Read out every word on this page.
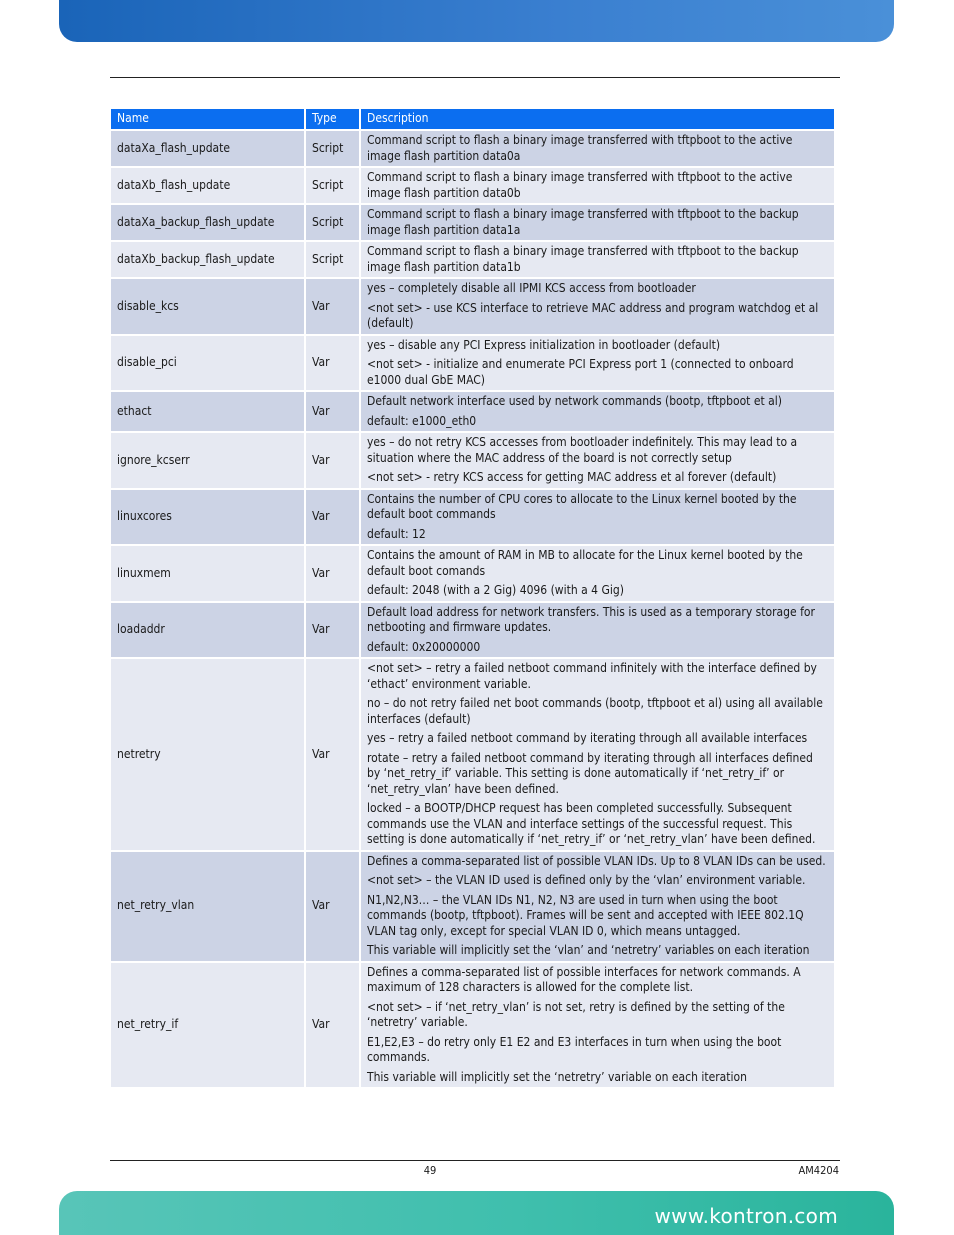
Name	Type	Description
dataXa_flash_update	Script	Command script to flash a binary image transferred with tftpboot to the active image flash partition data0a

dataXb_flash_update	Script	Command script to flash a binary image transferred with tftpboot to the active image flash partition data0b

dataXa_backup_flash_update	Script	Command script to flash a binary image transferred with tftpboot to the backup image flash partition data1a

dataXb_backup_flash_update	Script	Command script to flash a binary image transferred with tftpboot to the backup image flash partition data1b

disable_kcs	Var	yes – completely disable all IPMI KCS access from bootloader

<not set> - use KCS interface to retrieve MAC address and program watchdog et al (default)

disable_pci	Var	yes – disable any PCI Express initialization in bootloader (default)

<not set> - initialize and enumerate PCI Express port 1 (connected to onboard e1000 dual GbE MAC)

ethact	Var	Default network interface used by network commands (bootp, tftpboot et al)

default: e1000_eth0

ignore_kcserr	Var	yes – do not retry KCS accesses from bootloader indefinitely. This may lead to a situation where the MAC address of the board is not correctly setup

<not set> - retry KCS access for getting MAC address et al forever (default)

linuxcores	Var	Contains the number of CPU cores to allocate to the Linux kernel booted by the default boot commands

default: 12

linuxmem	Var	Contains the amount of RAM in MB to allocate for the Linux kernel booted by the default boot comands

default: 2048 (with a 2 Gig) 4096 (with a 4 Gig)

loadaddr	Var	Default load address for network transfers. This is used as a temporary storage for netbooting and firmware updates.

default: 0x20000000

netretry	Var	<not set> – retry a failed netboot command infinitely with the interface defined by ‘ethact’ environment variable.

no – do not retry failed net boot commands (bootp, tftpboot et al) using all available interfaces (default)

yes – retry a failed netboot command by iterating through all available interfaces

rotate – retry a failed netboot command by iterating through all interfaces defined by ‘net_retry_if’ variable. This setting is done automatically if ‘net_retry_if’ or ‘net_retry_vlan’ have been defined.

locked – a BOOTP/DHCP request has been completed successfully. Subsequent commands use the VLAN and interface settings of the successful request. This setting is done automatically if ‘net_retry_if’ or ‘net_retry_vlan’ have been defined.

net_retry_vlan	Var	Defines a comma-separated list of possible VLAN IDs. Up to 8 VLAN IDs can be used.

<not set> – the VLAN ID used is defined only by the ‘vlan’ environment variable.

N1,N2,N3… – the VLAN IDs N1, N2, N3 are used in turn when using the boot commands (bootp, tftpboot). Frames will be sent and accepted with IEEE 802.1Q VLAN tag only, except for special VLAN ID 0, which means untagged.

This variable will implicitly set the ‘vlan’ and ‘netretry’ variables on each iteration

net_retry_if	Var	Defines a comma-separated list of possible interfaces for network commands. A maximum of 128 characters is allowed for the complete list.

<not set> – if ‘net_retry_vlan’ is not set, retry is defined by the setting of the ‘netretry’ variable.

E1,E2,E3 – do retry only E1 E2 and E3 interfaces in turn when using the boot commands.

This variable will implicitly set the ‘netretry’ variable on each iteration

49	AM4204
www.kontron.com
